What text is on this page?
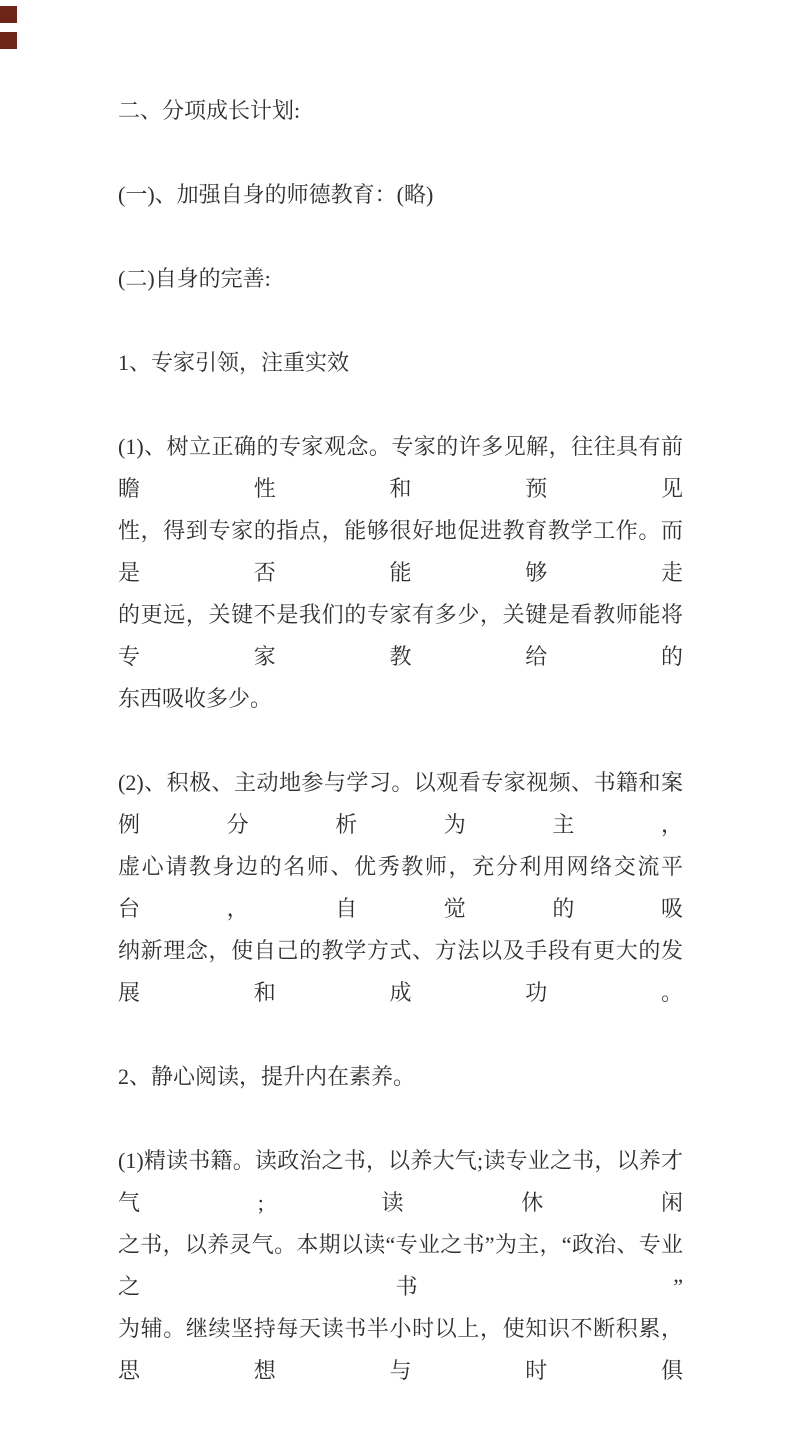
二、分项成长计划:
(一)、加强自身的师德教育：(略)
(二)自身的完善:
1、专家引领，注重实效
(1)、树立正确的专家观念。专家的许多见解，往往具有前瞻性和预见
性，得到专家的指点，能够很好地促进教育教学工作。而是否能够走
的更远，关键不是我们的专家有多少，关键是看教师能将专家教给的
东西吸收多少。
(2)、积极、主动地参与学习。以观看专家视频、书籍和案例分析为主，
虚心请教身边的名师、优秀教师，充分利用网络交流平台，自觉的吸
纳新理念，使自己的教学方式、方法以及手段有更大的发展和成功。
2、静心阅读，提升内在素养。
(1)精读书籍。读政治之书，以养大气;读专业之书，以养才气;读休闲
之书，以养灵气。本期以读“专业之书”为主，“政治、专业之书”
为辅。继续坚持每天读书半小时以上，使知识不断积累，思想与时俱
